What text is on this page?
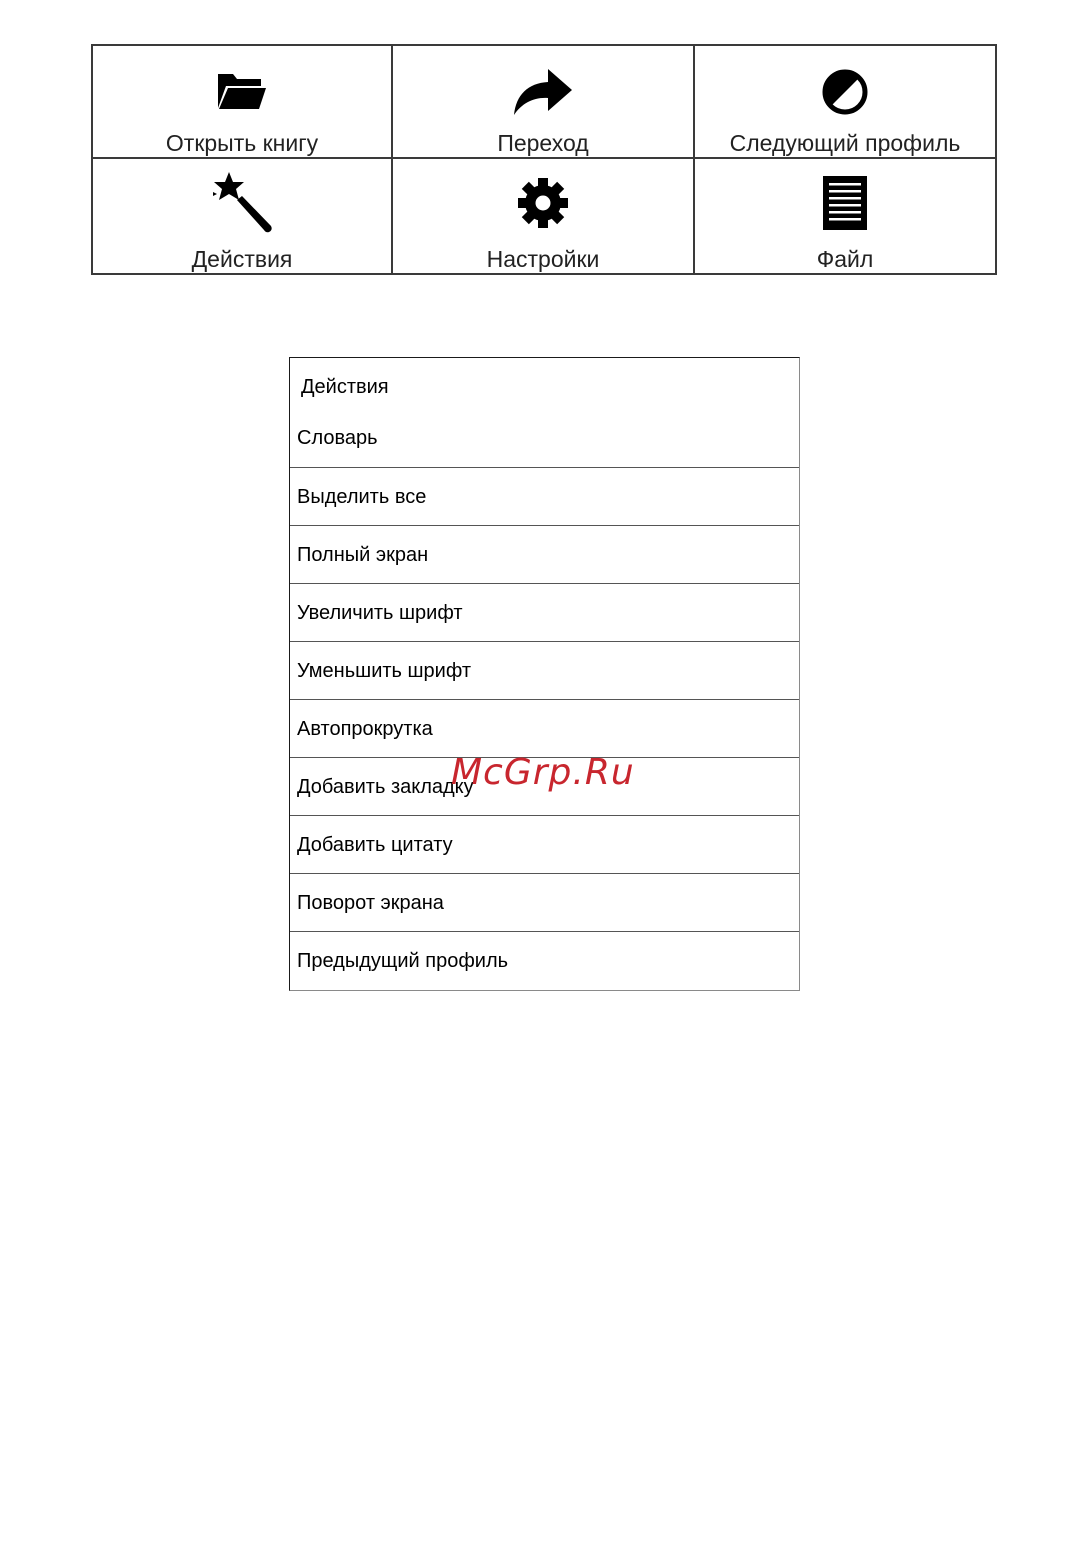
Открыть книгу	Переход	Следующий профиль
Действия	Настройки	Файл
Действия
Словарь
Выделить все
Полный экран
Увеличить шрифт
Уменьшить шрифт
Автопрокрутка
Добавить закладку
Добавить цитату
Поворот экрана
Предыдущий профиль
McGrp.Ru
